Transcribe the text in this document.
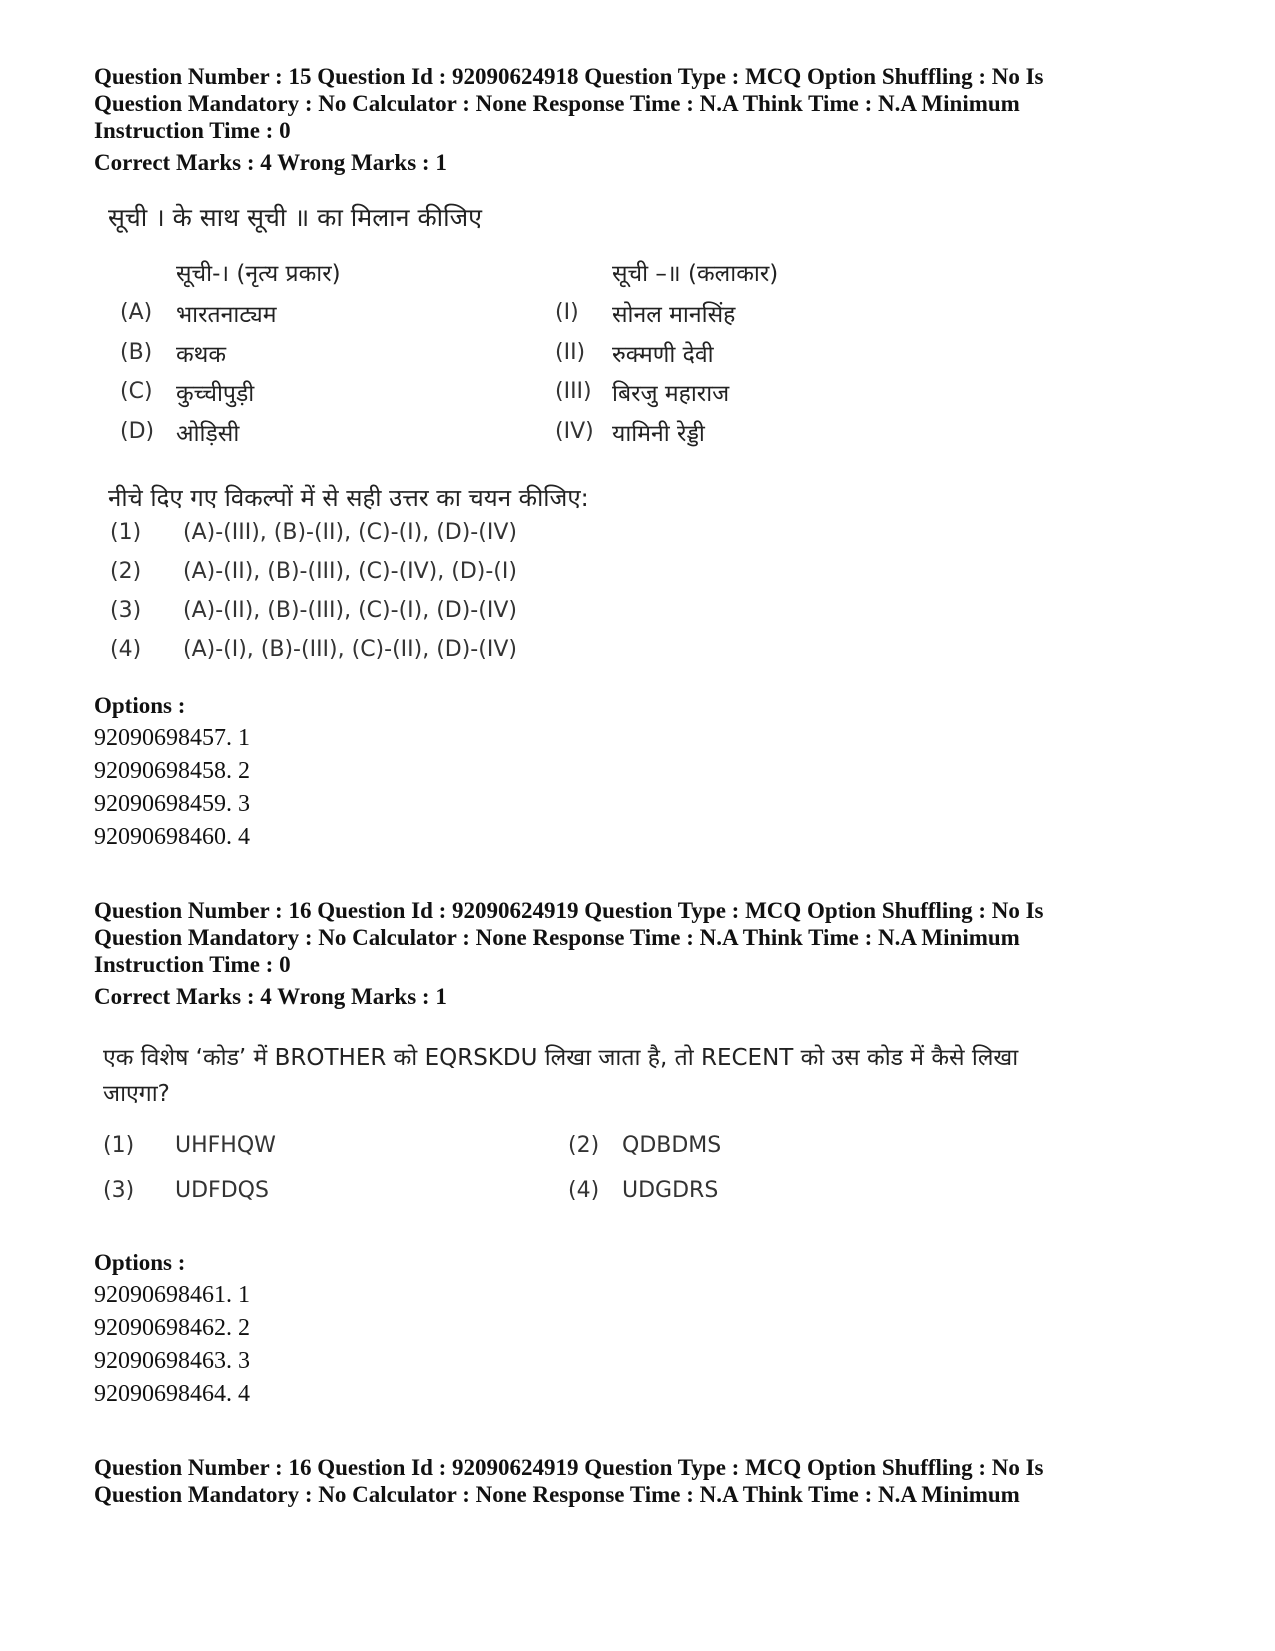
Question Number : 15 Question Id : 92090624918 Question Type : MCQ Option Shuffling : No Is
Question Mandatory : No Calculator : None Response Time : N.A Think Time : N.A Minimum
Instruction Time : 0
Correct Marks : 4 Wrong Marks : 1
सूची । के साथ सूची ॥ का मिलान कीजिए
सूची-। (नृत्य प्रकार)	सूची –॥ (कलाकार)
(A) भारतनाट्यम	(I) सोनल मानसिंह
(B) कथक	(II) रुक्मणी देवी
(C) कुच्चीपुड़ी	(III) बिरजु महाराज
(D) ओड़िसी	(IV) यामिनी रेड्डी
नीचे दिए गए विकल्पों में से सही उत्तर का चयन कीजिए:
(1) (A)-(III), (B)-(II), (C)-(I), (D)-(IV)
(2) (A)-(II), (B)-(III), (C)-(IV), (D)-(I)
(3) (A)-(II), (B)-(III), (C)-(I), (D)-(IV)
(4) (A)-(I), (B)-(III), (C)-(II), (D)-(IV)
Options :
92090698457. 1
92090698458. 2
92090698459. 3
92090698460. 4
Question Number : 16 Question Id : 92090624919 Question Type : MCQ Option Shuffling : No Is
Question Mandatory : No Calculator : None Response Time : N.A Think Time : N.A Minimum
Instruction Time : 0
Correct Marks : 4 Wrong Marks : 1
एक विशेष ‘कोड’ में BROTHER को EQRSKDU लिखा जाता है, तो RECENT को उस कोड में कैसे लिखा
जाएगा?
(1) UHFHQW	(2) QDBDMS
(3) UDFDQS	(4) UDGDRS
Options :
92090698461. 1
92090698462. 2
92090698463. 3
92090698464. 4
Question Number : 16 Question Id : 92090624919 Question Type : MCQ Option Shuffling : No Is
Question Mandatory : No Calculator : None Response Time : N.A Think Time : N.A Minimum
